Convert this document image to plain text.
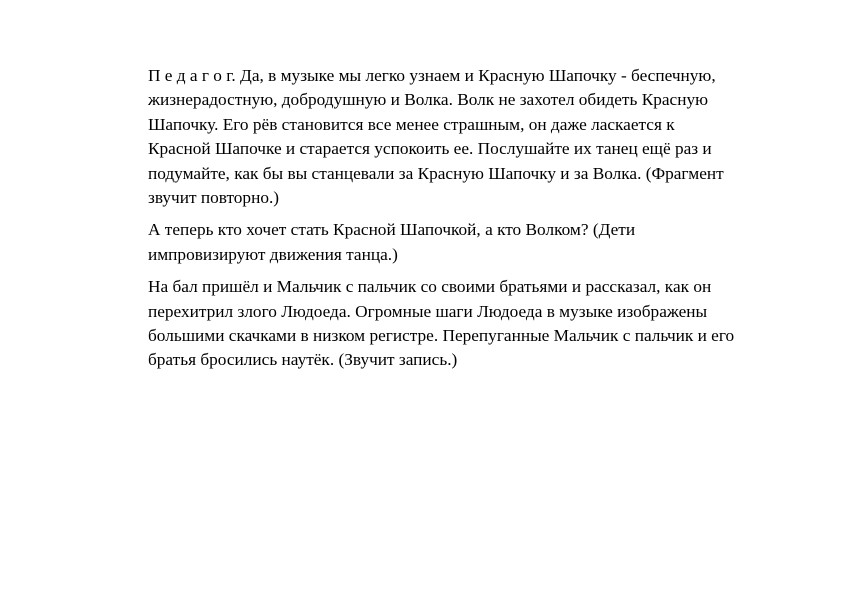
П е д а г о г. Да, в музыке мы легко узнаем и Красную Шапочку - беспечную,
жизнерадостную, добродушную и Волка. Волк не захотел обидеть Красную
Шапочку. Его рёв становится все менее страшным, он даже ласкается к
Красной Шапочке и старается успокоить ее. Послушайте их танец ещё раз и
подумайте, как бы вы станцевали за Красную Шапочку и за Волка. (Фрагмент
звучит повторно.)

А теперь кто хочет стать Красной Шапочкой, а кто Волком? (Дети
импровизируют движения танца.)

На бал пришёл и Мальчик с пальчик со своими братьями и рассказал, как он
перехитрил злого Людоеда. Огромные шаги Людоеда в музыке изображены
большими скачками в низком регистре. Перепуганные Мальчик с пальчик и его
братья бросились наутёк. (Звучит запись.)
